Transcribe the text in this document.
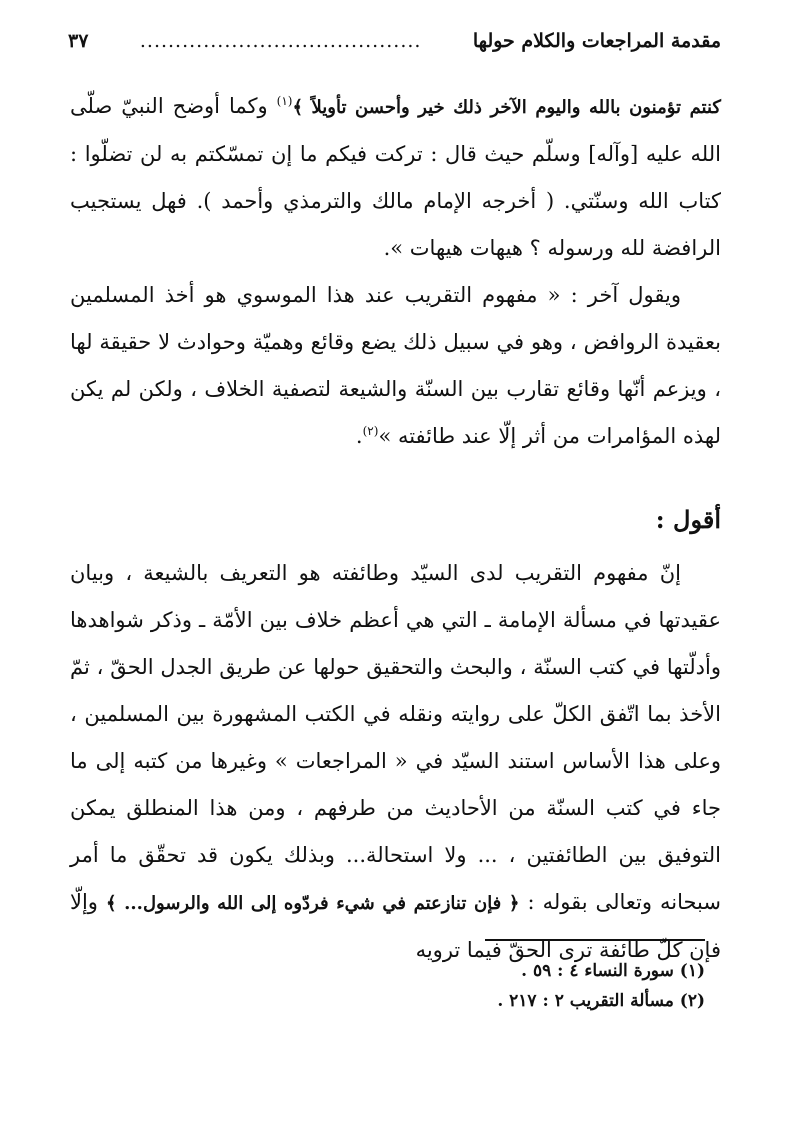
مقدمة المراجعات والكلام حولها
........................................
٣٧

كنتم تؤمنون بالله واليوم الآخر ذلك خير وأحسن تأويلاً ﴾$^{(١)}$ وكما أوضح النبيّ صلّى الله عليه [وآله] وسلّم حيث قال : تركت فيكم ما إن تمسّكتم به لن تضلّوا : كتاب الله وسنّتي. ( أخرجه الإمام مالك والترمذي وأحمد ). فهل يستجيب الرافضة لله ورسوله ؟ هيهات هيهات ».

ويقول آخر : « مفهوم التقريب عند هذا الموسوي هو أخذ المسلمين بعقيدة الروافض ، وهو في سبيل ذلك يضع وقائع وهميّة وحوادث لا حقيقة لها ، ويزعم أنّها وقائع تقارب بين السنّة والشيعة لتصفية الخلاف ، ولكن لم يكن لهذه المؤامرات من أثر إلّا عند طائفته »$^{(٢)}$.

أقول :

إنّ مفهوم التقريب لدى السيّد وطائفته هو التعريف بالشيعة ، وبيان عقيدتها في مسألة الإمامة ـ التي هي أعظم خلاف بين الأمّة ـ وذكر شواهدها وأدلّتها في كتب السنّة ، والبحث والتحقيق حولها عن طريق الجدل الحقّ ، ثمّ الأخذ بما اتّفق الكلّ على روايته ونقله في الكتب المشهورة بين المسلمين ، وعلى هذا الأساس استند السيّد في « المراجعات » وغيرها من كتبه إلى ما جاء في كتب السنّة من الأحاديث من طرفهم ، ومن هذا المنطلق يمكن التوفيق بين الطائفتين ، ... ولا استحالة... وبذلك يكون قد تحقّق ما أمر سبحانه وتعالى بقوله : ﴿ فإن تنازعتم في شيء فردّوه إلى الله والرسول... ﴾ وإلّا فإن كلّ طائفة ترى الحقّ فيما ترويه

(١) سورة النساء ٤ : ٥٩ .
(٢) مسألة التقريب ٢ : ٢١٧ .
